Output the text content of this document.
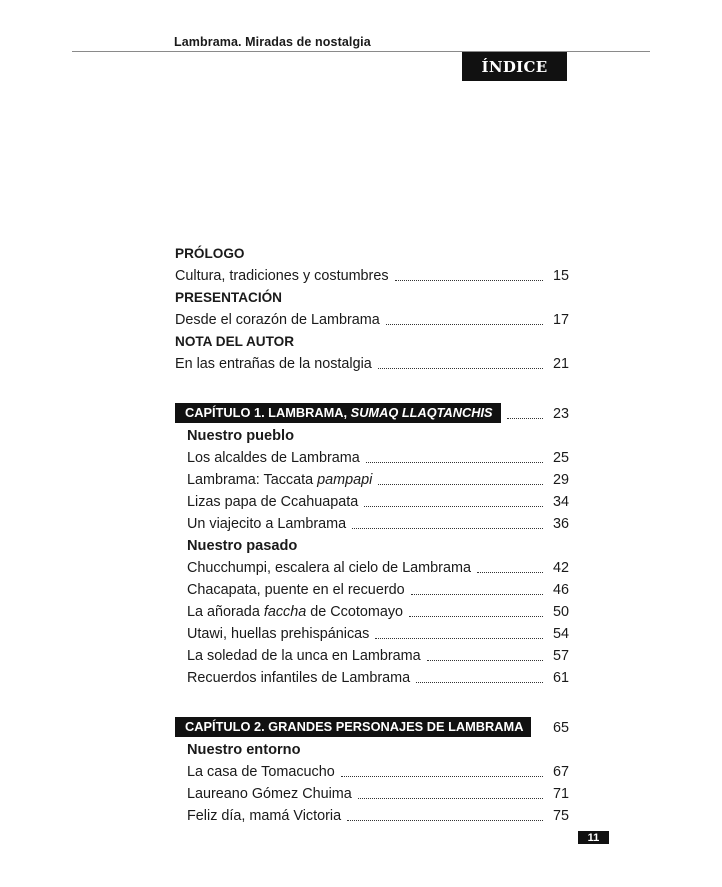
Lambrama. Miradas de nostalgia
ÍNDICE
PRÓLOGO
Cultura, tradiciones y costumbres	15
PRESENTACIÓN
Desde el corazón de Lambrama	17
NOTA DEL AUTOR
En las entrañas de la nostalgia	21
CAPÍTULO 1. LAMBRAMA, SUMAQ LLAQTANCHIS	23
Nuestro pueblo
Los alcaldes de Lambrama	25
Lambrama: Taccata pampapi	29
Lizas papa de Ccahuapata	34
Un viajecito a Lambrama	36
Nuestro pasado
Chucchumpi, escalera al cielo de Lambrama	42
Chacapata, puente en el recuerdo	46
La añorada faccha de Ccotomayo	50
Utawi, huellas prehispánicas	54
La soledad de la unca en Lambrama	57
Recuerdos infantiles de Lambrama	61
CAPÍTULO 2. GRANDES PERSONAJES DE LAMBRAMA	65
Nuestro entorno
La casa de Tomacucho	67
Laureano Gómez Chuima	71
Feliz día, mamá Victoria	75
11
